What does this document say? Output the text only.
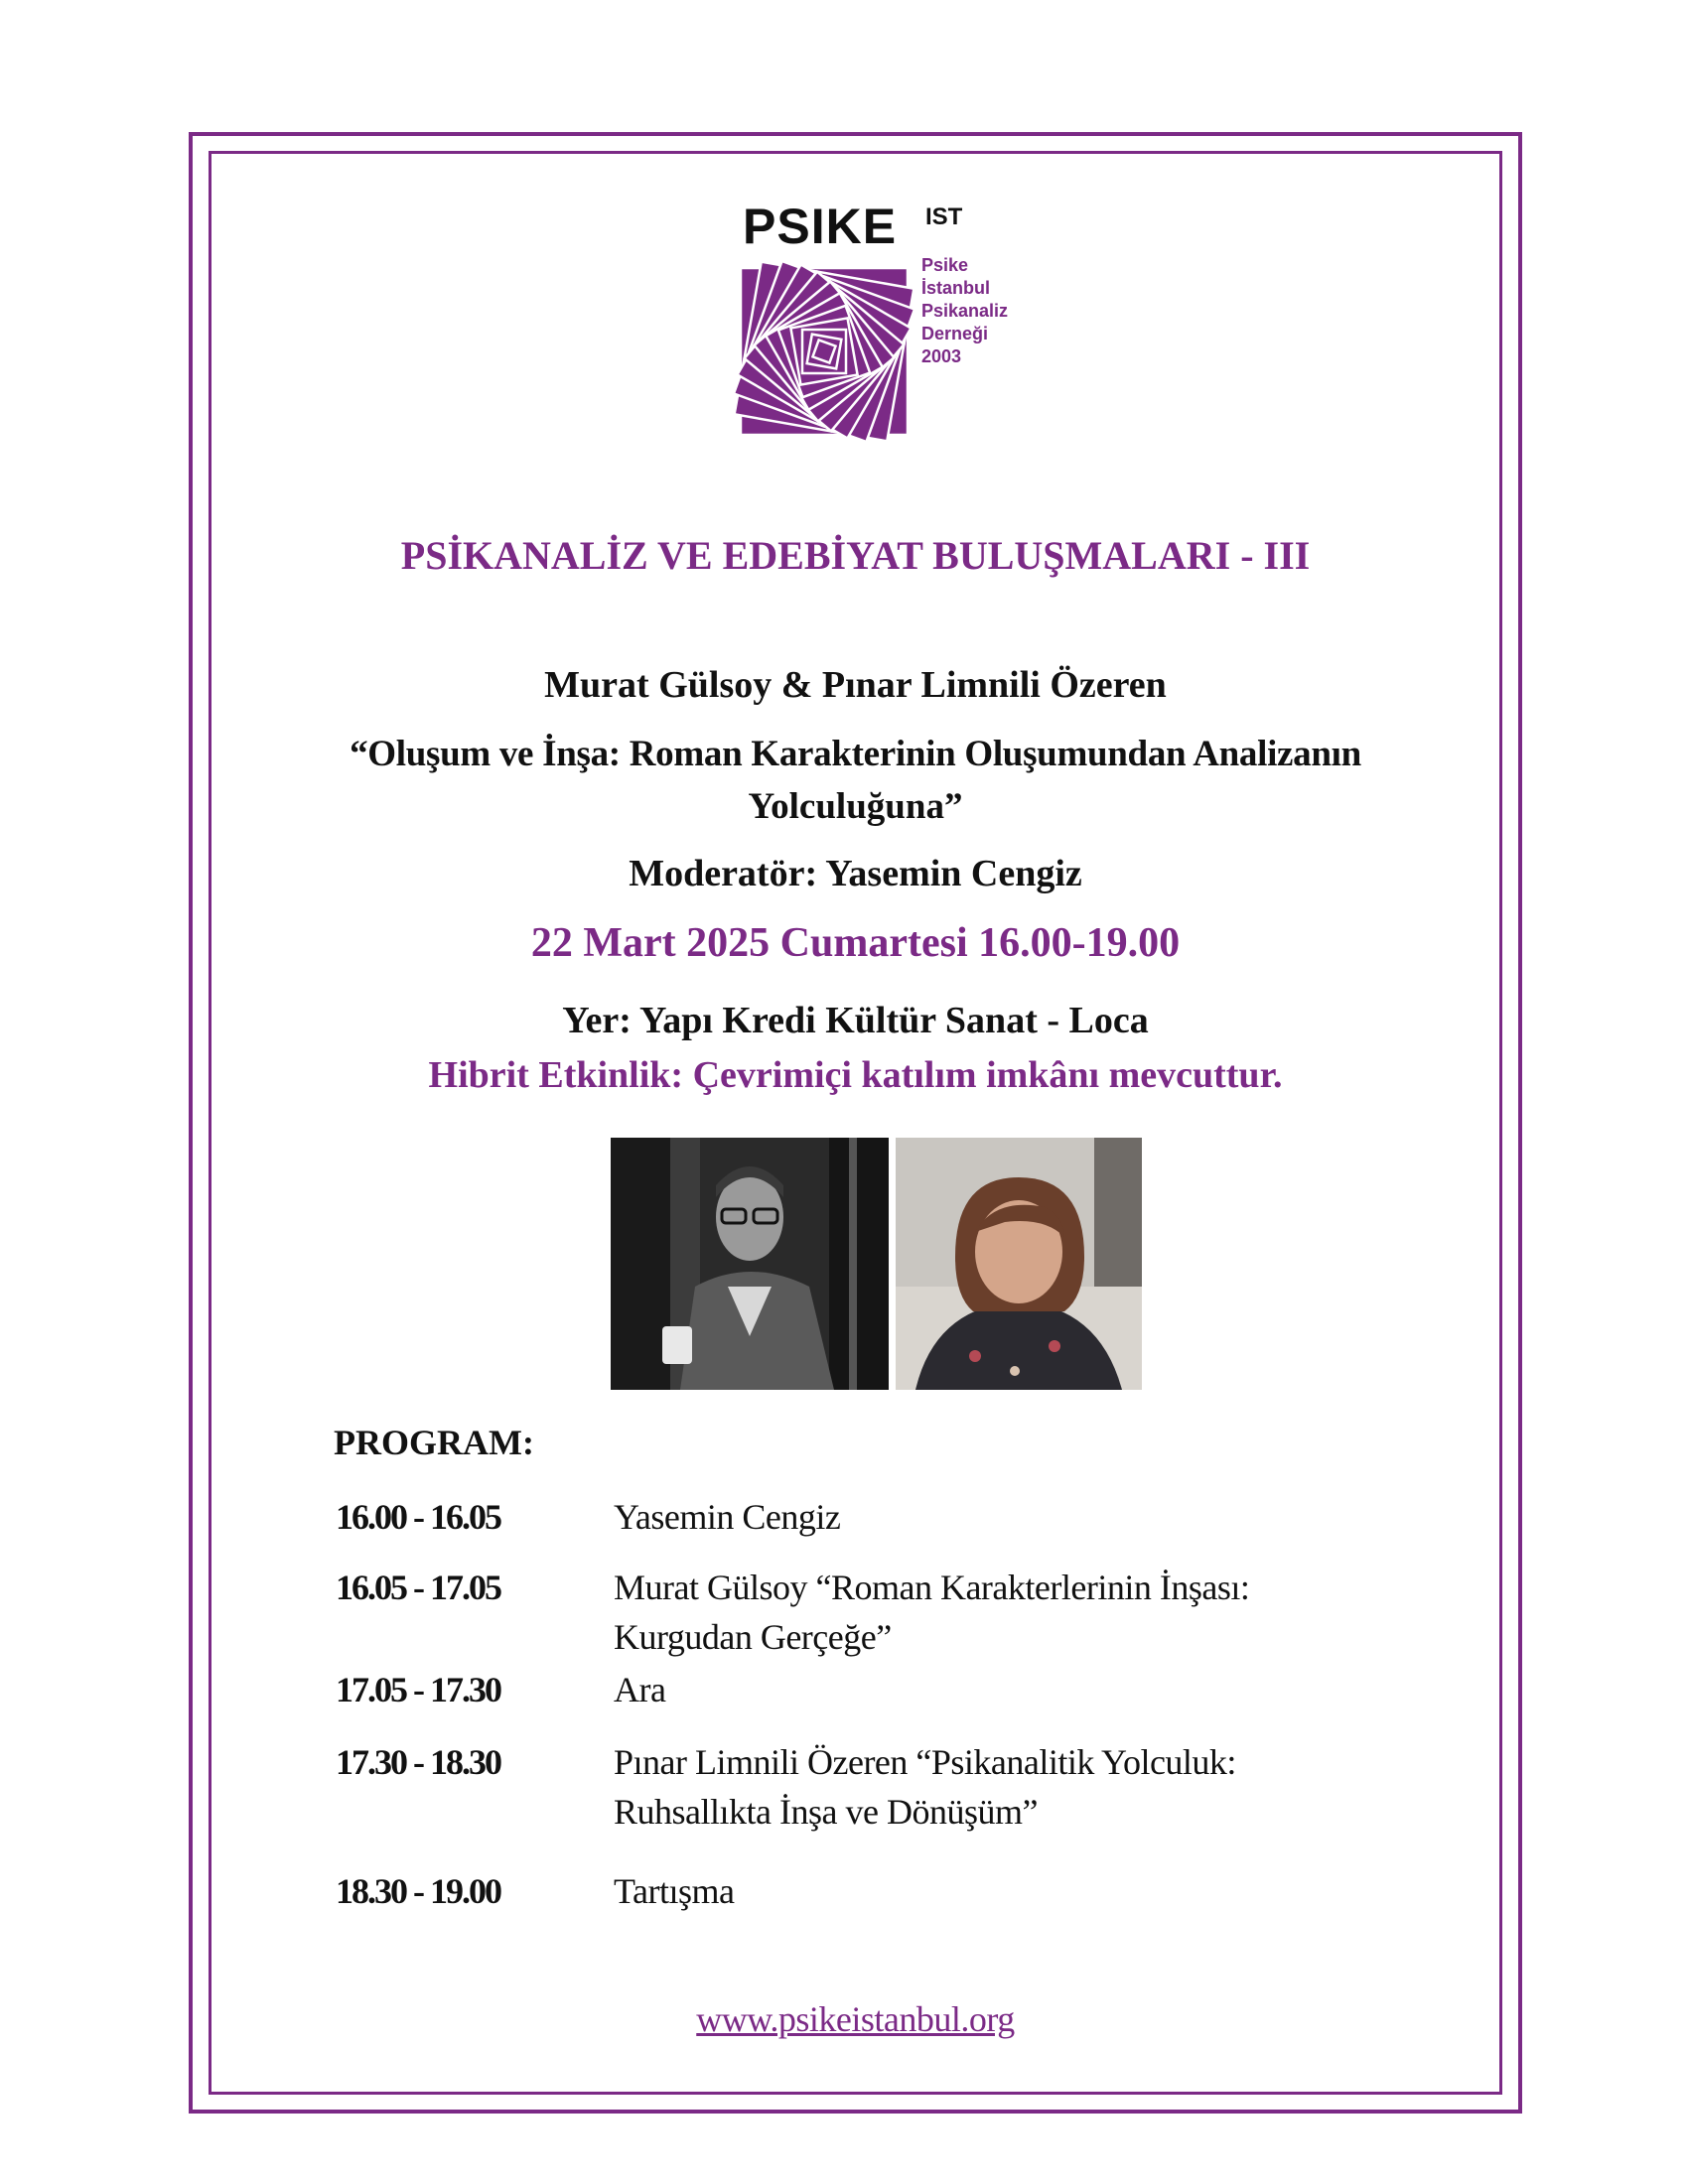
PSIKE IST
Psike
İstanbul
Psikanaliz
Derneği
2003
PSİKANALİZ VE EDEBİYAT BULUŞMALARI - III
Murat Gülsoy & Pınar Limnili Özeren
“Oluşum ve İnşa: Roman Karakterinin Oluşumundan Analizanın
Yolculuğuna”
Moderatör: Yasemin Cengiz
22 Mart 2025 Cumartesi 16.00-19.00
Yer: Yapı Kredi Kültür Sanat - Loca
Hibrit Etkinlik: Çevrimiçi katılım imkânı mevcuttur.
PROGRAM:
16.00 - 16.05	Yasemin Cengiz
16.05 - 17.05	Murat Gülsoy “Roman Karakterlerinin İnşası:
Kurgudan Gerçeğe”
17.05 - 17.30	Ara
17.30 - 18.30	Pınar Limnili Özeren “Psikanalitik Yolculuk:
Ruhsallıkta İnşa ve Dönüşüm”
18.30 - 19.00	Tartışma
www.psikeistanbul.org
